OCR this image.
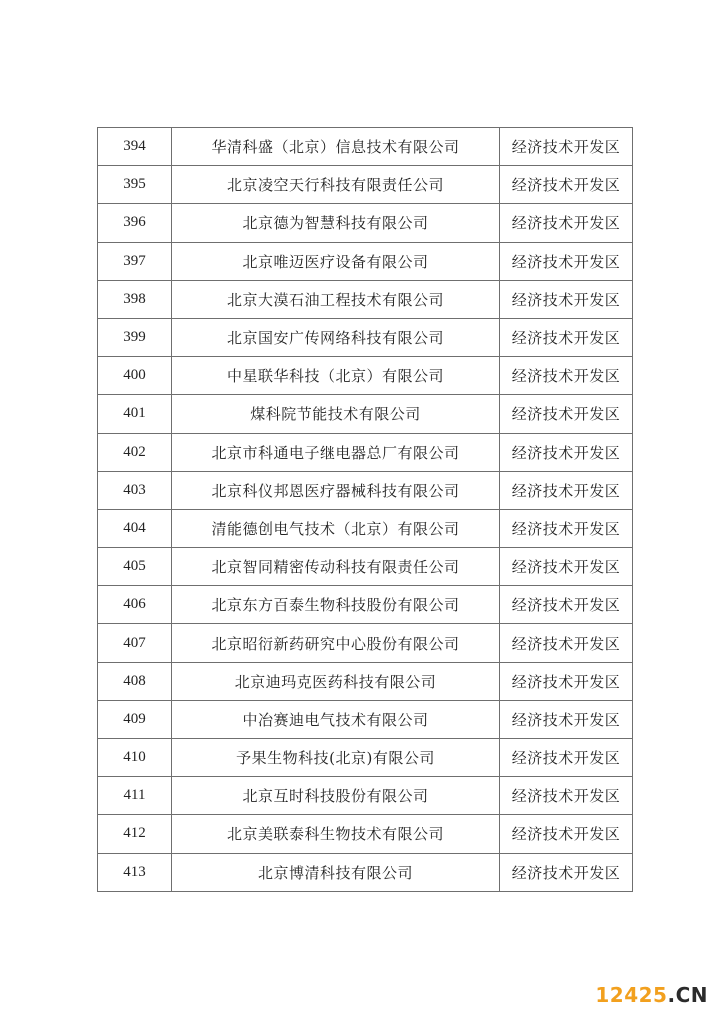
394	华清科盛（北京）信息技术有限公司	经济技术开发区
395	北京凌空天行科技有限责任公司	经济技术开发区
396	北京德为智慧科技有限公司	经济技术开发区
397	北京唯迈医疗设备有限公司	经济技术开发区
398	北京大漠石油工程技术有限公司	经济技术开发区
399	北京国安广传网络科技有限公司	经济技术开发区
400	中星联华科技（北京）有限公司	经济技术开发区
401	煤科院节能技术有限公司	经济技术开发区
402	北京市科通电子继电器总厂有限公司	经济技术开发区
403	北京科仪邦恩医疗器械科技有限公司	经济技术开发区
404	清能德创电气技术（北京）有限公司	经济技术开发区
405	北京智同精密传动科技有限责任公司	经济技术开发区
406	北京东方百泰生物科技股份有限公司	经济技术开发区
407	北京昭衍新药研究中心股份有限公司	经济技术开发区
408	北京迪玛克医药科技有限公司	经济技术开发区
409	中冶赛迪电气技术有限公司	经济技术开发区
410	予果生物科技(北京)有限公司	经济技术开发区
411	北京互时科技股份有限公司	经济技术开发区
412	北京美联泰科生物技术有限公司	经济技术开发区
413	北京博清科技有限公司	经济技术开发区
12425.CN
